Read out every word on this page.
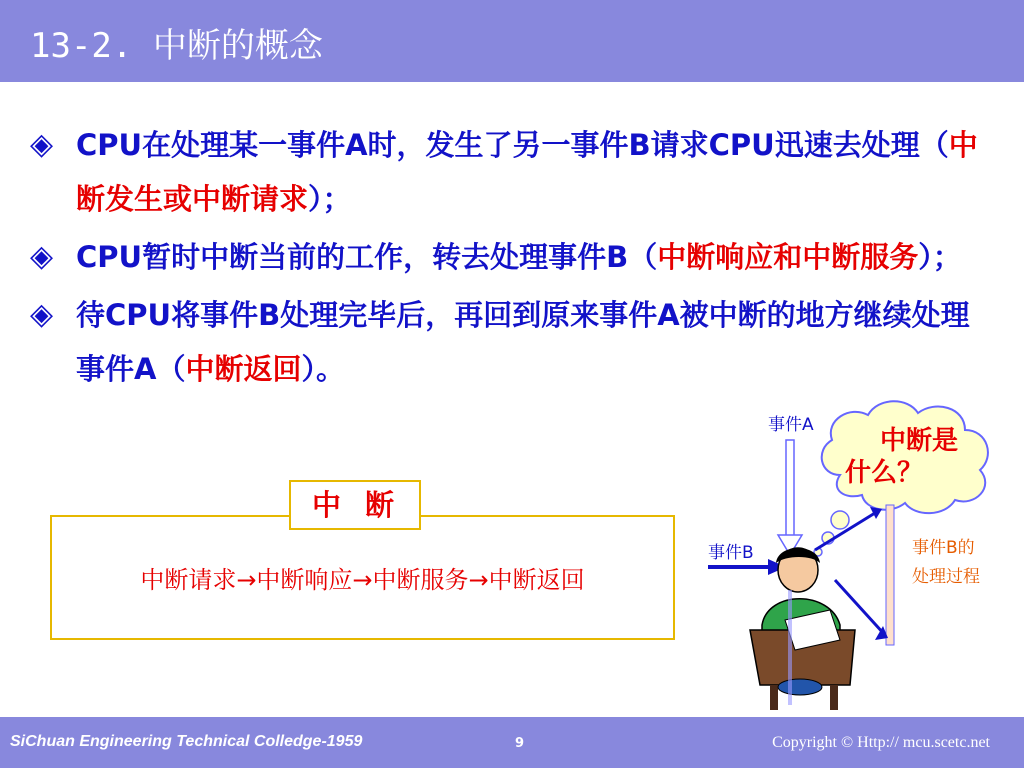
13-2. 中断的概念
◈ CPU在处理某一事件A时，发生了另一事件B请求CPU迅速去处理（中断发生或中断请求）；
◈ CPU暂时中断当前的工作，转去处理事件B（中断响应和中断服务）；
◈ 待CPU将事件B处理完毕后，再回到原来事件A被中断的地方继续处理事件A（中断返回）。
中断
中断请求→中断响应→中断服务→中断返回
中断是
什么？
事件A
事件B	事件B的
处理过程
SiChuan Engineering Technical Colledge-1959	9	Copyright © Http:// mcu.scetc.net
